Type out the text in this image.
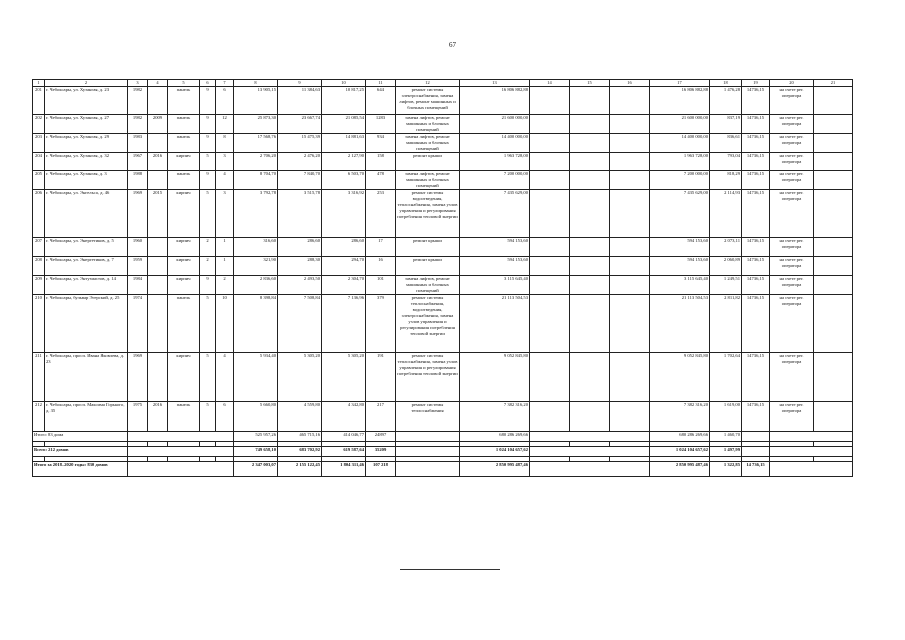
67
1	2	3	4	5	6	7	8	9	10	11	12	13	14	15	16	17	18	19	20	21
201	г. Чебоксары, ул. Хузангая, д. 23	1982		панель	9	6	13 905,15	11 384,63	10 817,25	644	ремонт системы электроснабжения, замена лифтов, ремонт машинных и блочных помещений	16 806 882,88				16 806 882,88	1 476,28	14736,15	на счете рег. оператора	
202	г. Чебоксары, ул. Хузангая, д. 27	1982	2009	панель	9	12	25 873,30	23 667,74	21 085,54	1283	замена лифтов, ремонт машинных и блочных помещений	21 600 000,00				21 600 000,00	837,19	14736,15	на счете рег. оператора	
203	г. Чебоксары, ул. Хузангая, д. 29	1983		панель	9	8	17 568,76	15 475,39	14 881,63	934	замена лифтов, ремонт машинных и блочных помещений	14 400 000,00				14 400 000,00	836,61	14736,15	на счете рег. оператора	
204	г. Чебоксары, ул. Хузангая, д. 32	1967	2016	кирпич	5	3	2 706,20	2 476,20	2 127,90	158	ремонт крыши	1 963 728,00				1 963 728,00	793,04	14736,15	на счете рег. оператора	
205	г. Чебоксары, ул. Хузангая, д. 3	1988		панель	9	4	8 704,70	7 840,70	6 503,70	478	замена лифтов, ремонт машинных и блочных помещений	7 200 000,00				7 200 000,00	818,29	14736,15	на счете рег. оператора	
206	г. Чебоксары, ул. Энгельса, д. 46	1969	2015	кирпич	5	3	3 792,78	3 515,78	3 316,92	253	ремонт системы водоотведения, теплоснабжения, замена узлов управления и регулирования потребления тепловой энергии	7 435 629,00				7 435 629,00	2 114,93	14736,15	на счете рег. оператора	
207	г. Чебоксары, ул. Энергетиков, д. 5	1960		кирпич	2	1	316,60	286,60	286,60	17	ремонт крыши	594 153,60				594 153,60	2 073,11	14736,15	на счете рег. оператора	
208	г. Чебоксары, ул. Энергетиков, д. 7	1959		кирпич	2	1	321,90	288,30	294,70	16	ремонт крыши	594 153,60				594 153,60	2 060,89	14736,15	на счете рег. оператора	
209	г. Чебоксары, ул. Энтузиастов, д. 14	1984		кирпич	9	2	2 836,60	2 493,50	2 304,70	101	замена лифтов, ремонт машинных и блочных помещений	3 115 645,40				3 115 645,40	1 249,51	14736,15	на счете рег. оператора	
210	г. Чебоксары, бульвар Эгерский, д. 25	1974		панель	5	10	8 398,84	7 508,84	7 136,96	379	ремонт системы теплоснабжения, водоотведения, электроснабжения, замена узлов управления и регулирования потребления тепловой энергии	21 113 504,53				21 113 504,53	2 811,82	14736,15	на счете рег. оператора	
211	г. Чебоксары, просп. Ивана Яковлева, д. 23	1969		кирпич	5	4	5 934,40	5 305,20	5 305,20	191	ремонт системы теплоснабжения, замена узлов управления и регулирования потребления тепловой энергии	9 052 845,80				9 052 845,80	1 702,64	14736,15	на счете рег. оператора	
212	г. Чебоксары, просп. Максима Горького, д. 35	1975	2016	панель	5	6	5 660,80	4 559,80	4 342,80	217	ремонт системы теплоснабжения	7 382 316,20				7 382 316,20	1 619,00	14736,15	на счете рег. оператора	
Итого: 83 дома							525 957,26	465 715,16	414 046,77	24897		680 286 269,66				680 286 269,66	1 460,70			

Всего: 212 домов							749 658,10	683 702,92	619 587,64	35209		1 024 104 657,62				1 024 104 657,62	1 497,99			

Итого за 2018–2020 годы: 830 домов							2 347 003,07	2 155 122,45	1 804 311,46	107 218		2 850 995 487,46				2 850 995 487,46	1 322,85	14 736,15		
